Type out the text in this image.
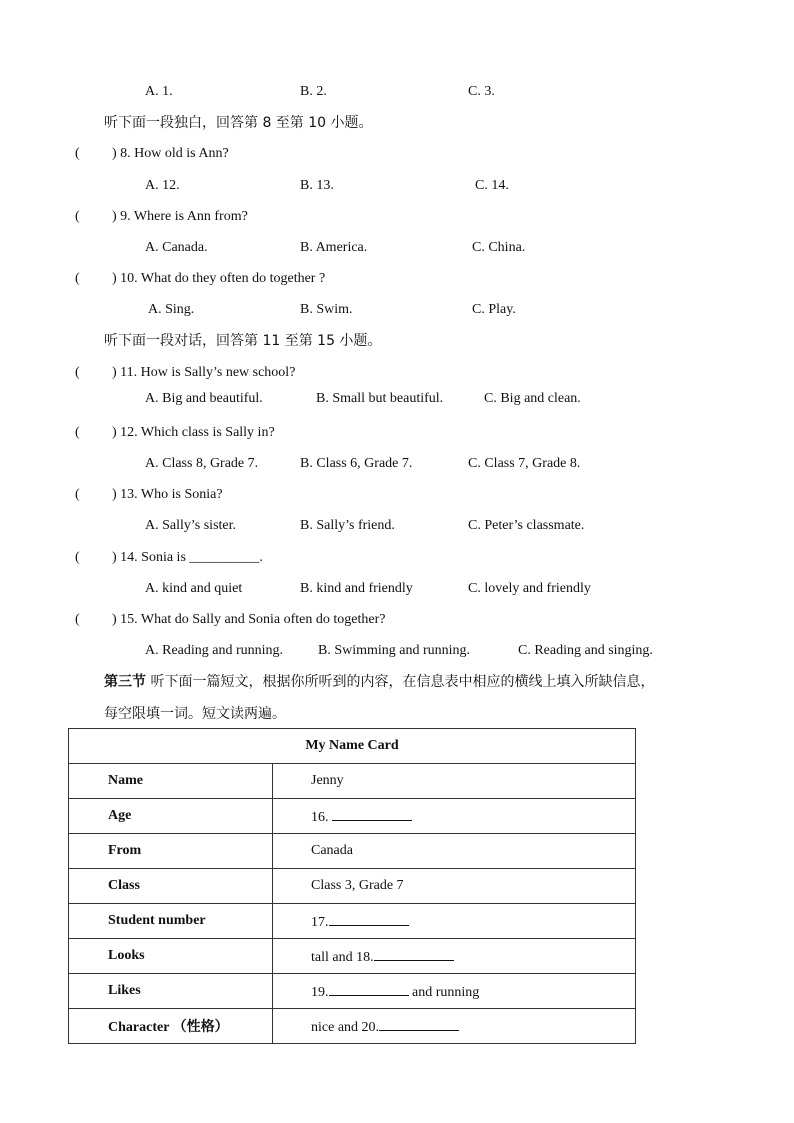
A. 1.	B. 2.	C. 3.
听下面一段独白，回答第 8 至第 10 小题。
( ) 8. How old is Ann?
A. 12.	B. 13.	C. 14.
( ) 9. Where is Ann from?
A. Canada.	B. America.	C. China.
( ) 10. What do they often do together ?
A. Sing.	B. Swim.	C. Play.
听下面一段对话，回答第 11 至第 15 小题。
( ) 11. How is Sally’s new school?
A. Big and beautiful.	B. Small but beautiful.	C. Big and clean.
( ) 12. Which class is Sally in?
A. Class 8, Grade 7.	B. Class 6, Grade 7.	C. Class 7, Grade 8.
( ) 13. Who is Sonia?
A. Sally’s sister.	B. Sally’s friend.	C. Peter’s classmate.
( ) 14. Sonia is __________.
A. kind and quiet	B. kind and friendly	C. lovely and friendly
( ) 15. What do Sally and Sonia often do together?
A. Reading and running. B. Swimming and running.	C. Reading and singing.
第三节 听下面一篇短文，根据你所听到的内容，在信息表中相应的横线上填入所缺信息，
每空限填一词。短文读两遍。
My Name Card	
Name	Jenny
Age	16.
From	Canada
Class	Class 3, Grade 7
Student number	17.
Looks	tall and 18.
Likes	19. and running
Character （性格）	nice and 20.
